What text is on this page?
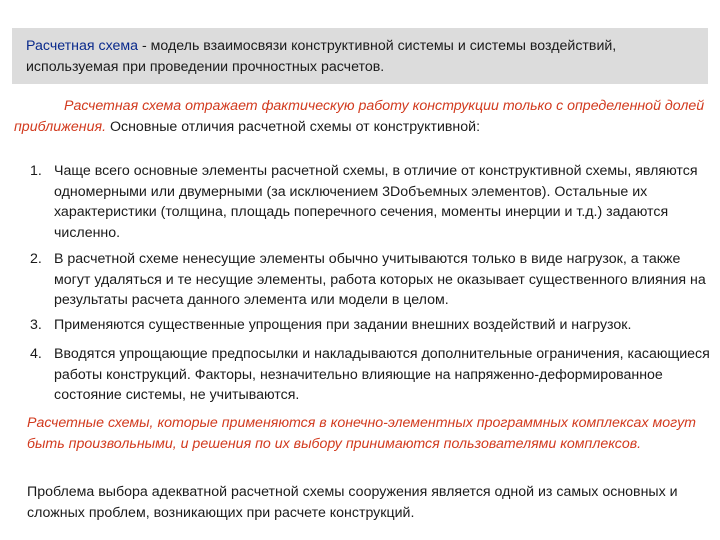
Расчетная схема - модель взаимосвязи конструктивной системы и системы воздействий, используемая при проведении прочностных расчетов.
Расчетная схема отражает фактическую работу конструкции только с определенной долей приближения. Основные отличия расчетной схемы от конструктивной:
1. Чаще всего основные элементы расчетной схемы, в отличие от конструктивной схемы, являются одномерными или двумерными (за исключением 3Dобъемных элементов). Остальные их характеристики (толщина, площадь поперечного сечения, моменты инерции и т.д.) задаются численно.
2. В расчетной схеме ненесущие элементы обычно учитываются только в виде нагрузок, а также могут удаляться и те несущие элементы, работа которых не оказывает существенного влияния на результаты расчета данного элемента или модели в целом.
3. Применяются существенные упрощения при задании внешних воздействий и нагрузок.
4. Вводятся упрощающие предпосылки и накладываются дополнительные ограничения, касающиеся работы конструкций. Факторы, незначительно влияющие на напряженно-деформированное состояние системы, не учитываются.
Расчетные схемы, которые применяются в конечно-элементных программных комплексах могут быть произвольными, и решения по их выбору принимаются пользователями комплексов.
Проблема выбора адекватной расчетной схемы сооружения является одной из самых основных и сложных проблем, возникающих при расчете конструкций.
